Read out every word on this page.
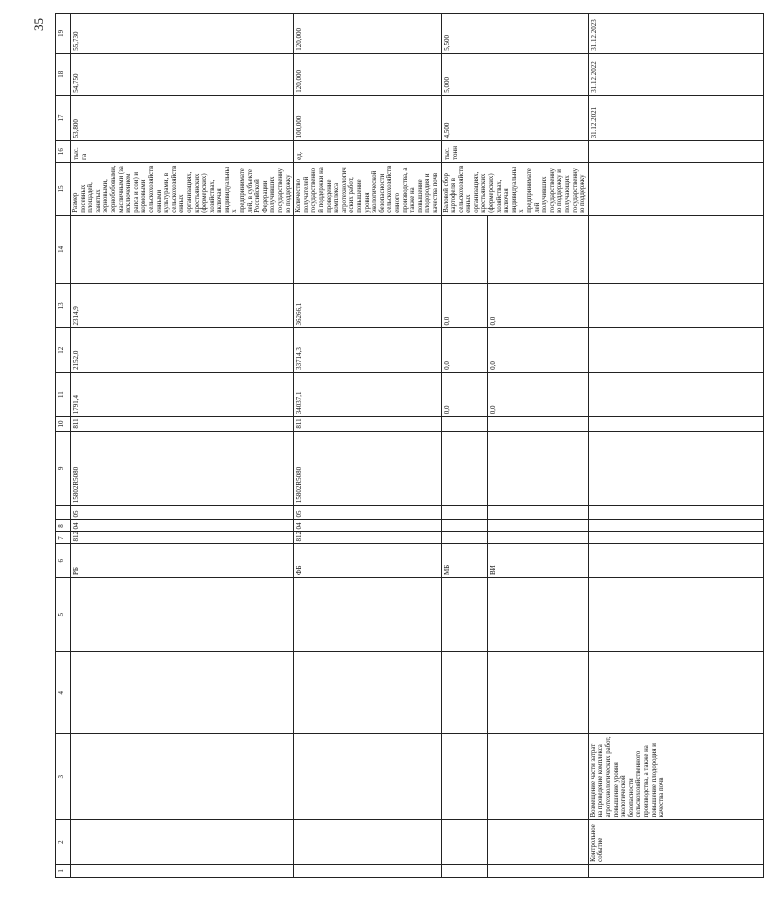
35
1	2	3	4	5	6	7	8		9	10	11	12	13	14	15	16	17	18	19
					РБ	812	04	05	15802R5080	811	1791,4	2152,0	2314,9		Размер посевных площадей, занятых зерновыми, зернобобовыми, масличными (за исключением рапса и сои) и кормовыми сельскохозяйственными культурами, в сельскохозяйственных организациях, крестьянских (фермерских) хозяйствах, включая индивидуальных предпринимателей, в субъекте Российской Федерации получивших государственную поддержку	тыс. га	53,800	54,750	55,730
					ФБ	812	04	05	15802R5080	811	34037,1	33714,3	36266,1		Количество получателей государственной поддержки на проведение комплекса агротехнологических работ, повышение уровня экологической безопасности сельскохозяйственного производства, а также на повышение плодородия и качества почв	ед.	100,000	120,000	120,000
					МБ						0,0	0,0	0,0		Валовой сбор картофеля в сельскохозяйственных организациях, крестьянских (фермерских) хозяйствах, включая индивидуальных предпринимателей получивших государственную поддержку и получающих государственную поддержку	тыс. тонн	4,500	5,000	5,500
					ВИ						0,0	0,0	0,0						
	Контрольное событие	Возмещение части затрат на проведение комплекса агротехнологических работ, повышение уровня экологической безопасности сельскохозяйственного производства, а также на повышение плодородия и качества почв															31.12.2021	31.12.2022	31.12.2023
